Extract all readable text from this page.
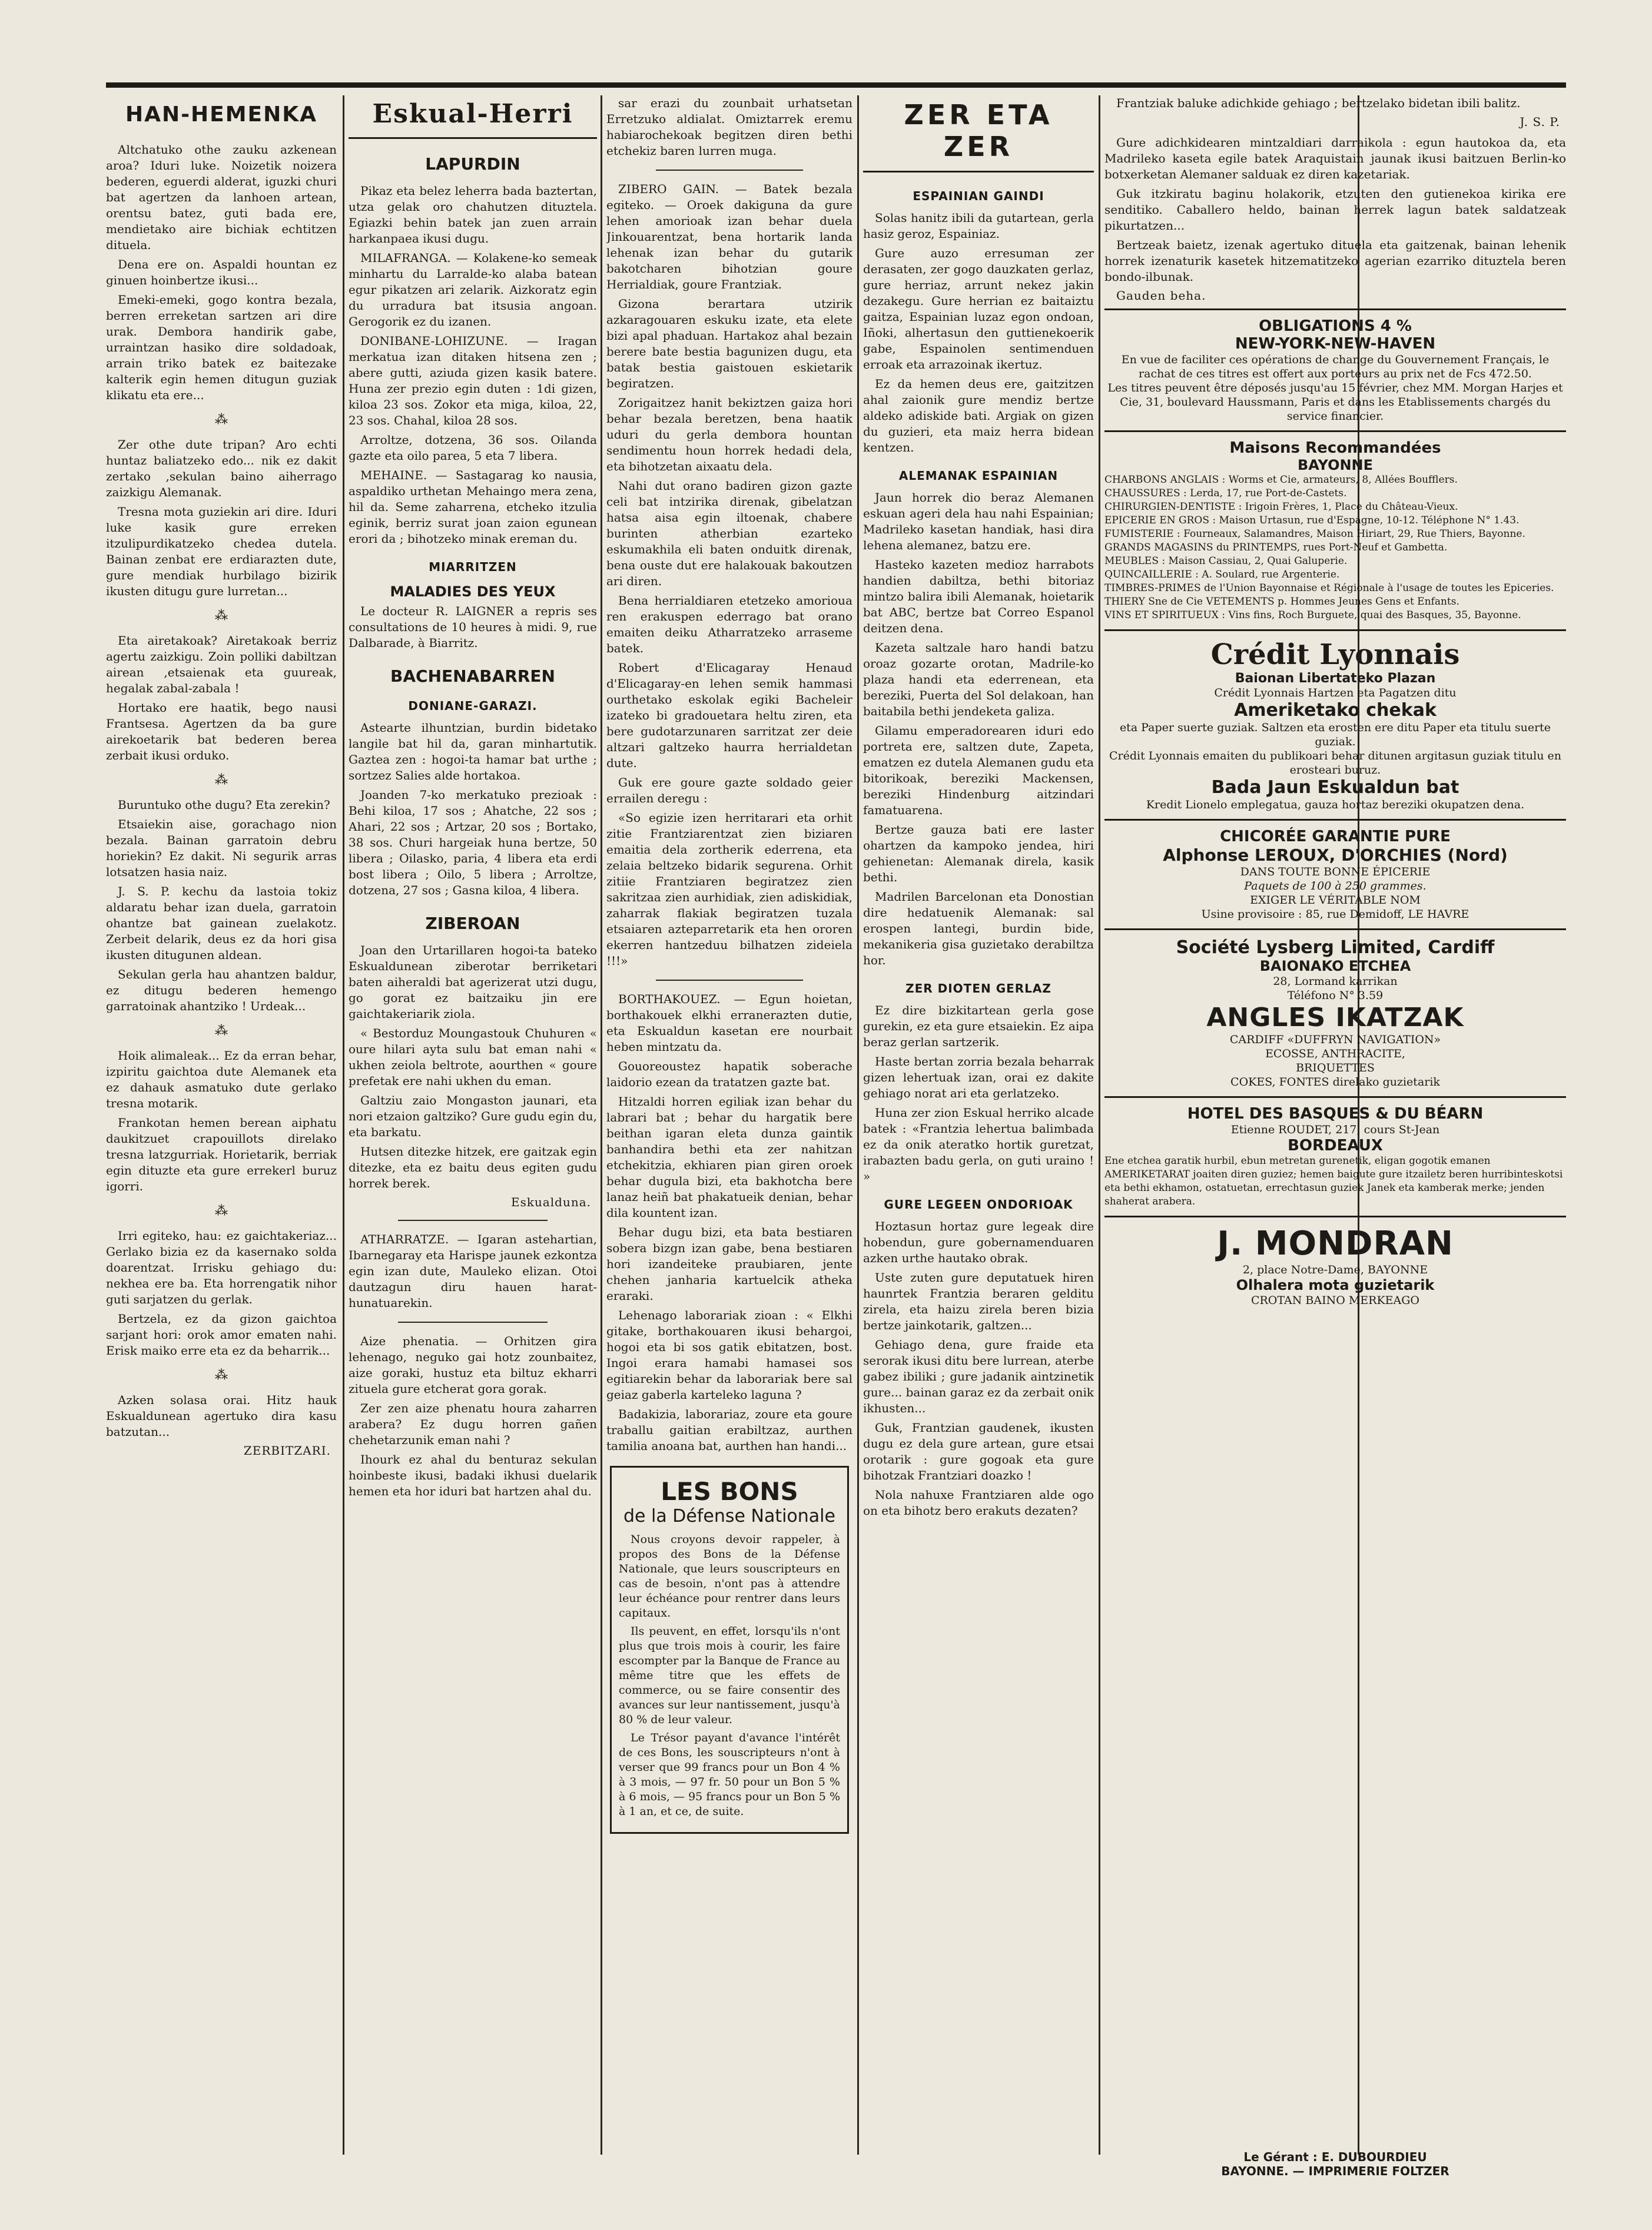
HAN-HEMENKA

Altchatuko othe zauku azkenean aroa? Iduri luke. Noizetik noizera bederen, eguerdi alderat, iguzki churi bat agertzen da lanhoen artean, orentsu batez, guti bada ere, mendietako aire bichiak echtitzen dituela.

Dena ere on. Aspaldi hountan ez ginuen hoinbertze ikusi...

Emeki-emeki, gogo kontra bezala, berren erreketan sartzen ari dire urak. Dembora handirik gabe, urraintzan hasiko dire soldadoak, arrain triko batek ez baitezake kalterik egin hemen ditugun guziak klikatu eta ere...

⁂

Zer othe dute tripan? Aro echti huntaz baliatzeko edo... nik ez dakit zertako ,sekulan baino aiherrago zaizkigu Alemanak.

Tresna mota guziekin ari dire. Iduri luke kasik gure erreken itzulipurdikatzeko chedea dutela. Bainan zenbat ere erdiarazten dute, gure mendiak hurbilago bizirik ikusten ditugu gure lurretan...

⁂

Eta airetakoak? Airetakoak berriz agertu zaizkigu. Zoin polliki dabiltzan airean ,etsaienak eta guureak, hegalak zabal-zabala !

Hortako ere haatik, bego nausi Frantsesa. Agertzen da ba gure airekoetarik bat bederen berea zerbait ikusi orduko.

⁂

Buruntuko othe dugu? Eta zerekin?

Etsaiekin aise, gorachago nion bezala. Bainan garratoin debru horiekin? Ez dakit. Ni segurik arras lotsatzen hasia naiz.

J. S. P. kechu da lastoia tokiz aldaratu behar izan duela, garratoin ohantze bat gainean zuelakotz. Zerbeit delarik, deus ez da hori gisa ikusten ditugunen aldean.

Sekulan gerla hau ahantzen baldur, ez ditugu bederen hemengo garratoinak ahantziko ! Urdeak...

⁂

Hoik alimaleak... Ez da erran behar, izpiritu gaichtoa dute Alemanek eta ez dahauk asmatuko dute gerlako tresna motarik.

Frankotan hemen berean aiphatu daukitzuet crapouillots direlako tresna latzgurriak. Horietarik, berriak egin dituzte eta gure errekerl buruz igorri.

⁂

Irri egiteko, hau: ez gaichtakeriaz... Gerlako bizia ez da kasernako solda doarentzat. Irrisku gehiago du: nekhea ere ba. Eta horrengatik nihor guti sarjatzen du gerlak.

Bertzela, ez da gizon gaichtoa sarjant hori: orok amor ematen nahi. Erisk maiko erre eta ez da beharrik...

⁂

Azken solasa orai. Hitz hauk Eskualdunean agertuko dira kasu batzutan...

ZERBITZARI.
Eskual-Herri
LAPURDIN

Pikaz eta belez leherra bada baztertan, utza gelak oro chahutzen dituztela. Egiazki behin batek jan zuen arrain harkanpaea ikusi dugu.

MILAFRANGA. — Kolakene-ko semeak minhartu du Larralde-ko alaba batean egur pikatzen ari zelarik. Aizkoratz egin du urradura bat itsusia angoan. Gerogorik ez du izanen.

DONIBANE-LOHIZUNE. — Iragan merkatua izan ditaken hitsena zen ; abere gutti, aziuda gizen kasik batere. Huna zer prezio egin duten : 1di gizen, kiloa 23 sos. Zokor eta miga, kiloa, 22, 23 sos. Chahal, kiloa 28 sos.

Arroltze, dotzena, 36 sos. Oilanda gazte eta oilo parea, 5 eta 7 libera.

MEHAINE. — Sastagarag ko nausia, aspaldiko urthetan Mehaingo mera zena, hil da. Seme zaharrena, etcheko itzulia eginik, berriz surat joan zaion egunean erori da ; bihotzeko minak ereman du.

MIARRITZEN
MALADIES DES YEUX

Le docteur R. LAIGNER a repris ses consultations de 10 heures à midi. 9, rue Dalbarade, à Biarritz.

BACHENABARREN
DONIANE-GARAZI.

Astearte ilhuntzian, burdin bidetako langile bat hil da, garan minhartutik. Gaztea zen : hogoi-ta hamar bat urthe ; sortzez Salies alde hortakoa.

Joanden 7-ko merkatuko prezioak : Behi kiloa, 17 sos ; Ahatche, 22 sos ; Ahari, 22 sos ; Artzar, 20 sos ; Bortako, 38 sos. Churi hargeiak huna bertze, 50 libera ; Oilasko, paria, 4 libera eta erdi bost libera ; Oilo, 5 libera ; Arroltze, dotzena, 27 sos ; Gasna kiloa, 4 libera.

ZIBEROAN

Joan den Urtarillaren hogoi-ta bateko Eskualdunean ziberotar berriketari baten aiheraldi bat agerizerat utzi dugu, go gorat ez baitzaiku jin ere gaichtakeriarik ziola.

« Bestorduz Moungastouk Chuhuren « oure hilari ayta sulu bat eman nahi « ukhen zeiola beltrote, aourthen « goure prefetak ere nahi ukhen du eman.

Galtziu zaio Mongaston jaunari, eta nori etzaion galtziko? Gure gudu egin du, eta barkatu.

Hutsen ditezke hitzek, ere gaitzak egin ditezke, eta ez baitu deus egiten gudu horrek berek.

Eskualduna.

ATHARRATZE. — Igaran astehartian, Ibarnegaray eta Harispe jaunek ezkontza egin izan dute, Mauleko elizan. Otoi dautzagun diru hauen harat-hunatuarekin.

Aize phenatia. — Orhitzen gira lehenago, neguko gai hotz zounbaitez, aize goraki, hustuz eta biltuz ekharri zituela gure etcherat gora gorak.

Zer zen aize phenatu houra zaharren arabera? Ez dugu horren gañen chehetarzunik eman nahi ?

Ihourk ez ahal du benturaz sekulan hoinbeste ikusi, badaki ikhusi duelarik hemen eta hor iduri bat hartzen ahal du.

sar erazi du zounbait urhatsetan Erretzuko aldialat. Omiztarrek eremu habiarochekoak begitzen diren bethi etchekiz baren lurren muga.

ZIBERO GAIN. — Batek bezala egiteko. — Oroek dakiguna da gure lehen amorioak izan behar duela Jinkouarentzat, bena hortarik landa lehenak izan behar du gutarik bakotcharen bihotzian goure Herrialdiak, goure Frantziak.

Gizona berartara utzirik azkaragouaren eskuku izate, eta elete bizi apal phaduan. Hartakoz ahal bezain berere bate bestia bagunizen dugu, eta batak bestia gaistouen eskietarik begiratzen.

Zorigaitzez hanit bekiztzen gaiza hori behar bezala beretzen, bena haatik uduri du gerla dembora hountan sendimentu houn horrek hedadi dela, eta bihotzetan aixaatu dela.

Nahi dut orano badiren gizon gazte celi bat intzirika direnak, gibelatzan hatsa aisa egin iltoenak, chabere burinten atherbian ezarteko eskumakhila eli baten onduitk direnak, bena ouste dut ere halakouak bakoutzen ari diren.

Bena herrialdiaren etetzeko amorioua ren erakuspen ederrago bat orano emaiten deiku Atharratzeko arraseme batek.

Robert d'Elicagaray Henaud d'Elicagaray-en lehen semik hammasi ourthetako eskolak egiki Bacheleir izateko bi gradouetara heltu ziren, eta bere gudotarzunaren sarritzat zer deie altzari galtzeko haurra herrialdetan dute.

Guk ere goure gazte soldado geier errailen deregu :

«So egizie izen herritarari eta orhit zitie Frantziarentzat zien biziaren emaitia dela zortherik ederrena, eta zelaia beltzeko bidarik segurena. Orhit zitiie Frantziaren begiratzez zien sakritzaa zien aurhidiak, zien adiskidiak, zaharrak flakiak begiratzen tuzala etsaiaren azteparretarik eta hen ororen ekerren hantzeduu bilhatzen zideiela !!!»

BORTHAKOUEZ. — Egun hoietan, borthakouek elkhi erranerazten dutie, eta Eskualdun kasetan ere nourbait heben mintzatu da.

Gouoreoustez hapatik soberache laidorio ezean da tratatzen gazte bat.

Hitzaldi horren egiliak izan behar du labrari bat ; behar du hargatik bere beithan igaran eleta dunza gaintik banhandira bethi eta zer nahitzan etchekitzia, ekhiaren pian giren oroek behar dugula bizi, eta bakhotcha bere lanaz heiñ bat phakatueik denian, behar dila kountent izan.

Behar dugu bizi, eta bata bestiaren sobera bizgn izan gabe, bena bestiaren hori izandeiteke praubiaren, jente chehen janharia kartuelcik atheka eraraki.

Lehenago laborariak zioan : « Elkhi gitake, borthakouaren ikusi behargoi, hogoi eta bi sos gatik ebitatzen, bost. Ingoi erara hamabi hamasei sos egitiarekin behar da laborariak bere sal geiaz gaberla karteleko laguna ?

Badakizia, laborariaz, zoure eta goure traballu gaitian erabiltzaz, aurthen tamilia anoana bat, aurthen han handi...

LES BONS
de la Défense Nationale

Nous croyons devoir rappeler, à propos des Bons de la Défense Nationale, que leurs souscripteurs en cas de besoin, n'ont pas à attendre leur échéance pour rentrer dans leurs capitaux.

Ils peuvent, en effet, lorsqu'ils n'ont plus que trois mois à courir, les faire escompter par la Banque de France au même titre que les effets de commerce, ou se faire consentir des avances sur leur nantissement, jusqu'à 80 % de leur valeur.

Le Trésor payant d'avance l'intérêt de ces Bons, les souscripteurs n'ont à verser que 99 francs pour un Bon 4 % à 3 mois, — 97 fr. 50 pour un Bon 5 % à 6 mois, — 95 francs pour un Bon 5 % à 1 an, et ce, de suite.

ZER ETA ZER
ESPAINIAN GAINDI

Solas hanitz ibili da gutartean, gerla hasiz geroz, Espainiaz.

Gure auzo erresuman zer derasaten, zer gogo dauzkaten gerlaz, gure herriaz, arrunt nekez jakin dezakegu. Gure herrian ez baitaiztu gaitza, Espainian luzaz egon ondoan, Iñoki, alhertasun den guttienekoerik gabe, Espainolen sentimenduen erroak eta arrazoinak ikertuz.

Ez da hemen deus ere, gaitzitzen ahal zaionik gure mendiz bertze aldeko adiskide bati. Argiak on gizen du guzieri, eta maiz herra bidean kentzen.

ALEMANAK ESPAINIAN

Jaun horrek dio beraz Alemanen eskuan ageri dela hau nahi Espainian; Madrileko kasetan handiak, hasi dira lehena alemanez, batzu ere.

Hasteko kazeten medioz harrabots handien dabiltza, bethi bitoriaz mintzo balira ibili Alemanak, hoietarik bat ABC, bertze bat Correo Espanol deitzen dena.

Kazeta saltzale haro handi batzu oroaz gozarte orotan, Madrile-ko plaza handi eta ederrenean, eta bereziki, Puerta del Sol delakoan, han baitabila bethi jendeketa galiza.

Gilamu emperadorearen iduri edo portreta ere, saltzen dute, Zapeta, ematzen ez dutela Alemanen gudu eta bitorikoak, bereziki Mackensen, bereziki Hindenburg aitzindari famatuarena.

Bertze gauza bati ere laster ohartzen da kampoko jendea, hiri gehienetan: Alemanak direla, kasik bethi.

Madrilen Barcelonan eta Donostian dire hedatuenik Alemanak: sal erospen lantegi, burdin bide, mekanikeria gisa guzietako derabiltza hor.

ZER DIOTEN GERLAZ

Ez dire bizkitartean gerla gose gurekin, ez eta gure etsaiekin. Ez aipa beraz gerlan sartzerik.

Haste bertan zorria bezala beharrak gizen lehertuak izan, orai ez dakite gehiago norat ari eta gerlatzeko.

Huna zer zion Eskual herriko alcade batek : «Frantzia lehertua balimbada ez da onik ateratko hortik guretzat, irabazten badu gerla, on guti uraino ! »

GURE LEGEEN ONDORIOAK

Hoztasun hortaz gure legeak dire hobendun, gure gobernamenduaren azken urthe hautako obrak.

Uste zuten gure deputatuek hiren haunrtek Frantzia beraren gelditu zirela, eta haizu zirela beren bizia bertze jainkotarik, galtzen...

Gehiago dena, gure fraide eta serorak ikusi ditu bere lurrean, aterbe gabez ibiliki ; gure jadanik aintzinetik gure... bainan garaz ez da zerbait onik ikhusten...

Guk, Frantzian gaudenek, ikusten dugu ez dela gure artean, gure etsai orotarik : gure gogoak eta gure bihotzak Frantziari doazko !

Nola nahuxe Frantziaren alde ogo on eta bihotz bero erakuts dezaten?

Frantziak baluke adichkide gehiago ; bertzelako bidetan ibili balitz.

J. S. P.

Gure adichkidearen mintzaldiari darraikola : egun hautokoa da, eta Madrileko kaseta egile batek Araquistain jaunak ikusi baitzuen Berlin-ko botxerketan Alemaner salduak ez diren kazetariak.

Guk itzkiratu baginu holakorik, etzuten den gutienekoa kirika ere senditiko. Caballero heldo, bainan herrek lagun batek saldatzeak pikurtatzen...

Bertzeak baietz, izenak agertuko dituela eta gaitzenak, bainan lehenik horrek izenaturik kasetek hitzematitzeko agerian ezarriko dituztela beren bondo-ilbunak.

Gauden beha.
OBLIGATIONS 4 %
NEW-YORK-NEW-HAVEN
En vue de faciliter ces opérations de change du Gouvernement Français, le rachat de ces titres est offert aux porteurs au prix net de Fcs 472.50.
Les titres peuvent être déposés jusqu'au 15 février, chez MM. Morgan Harjes et Cie, 31, boulevard Haussmann, Paris et dans les Etablissements chargés du service financier.
Maisons Recommandées
BAYONNE
CHARBONS ANGLAIS : Worms et Cie, armateurs, 8, Allées Boufflers.
CHAUSSURES : Lerda, 17, rue Port-de-Castets.
CHIRURGIEN-DENTISTE : Irigoin Frères, 1, Place du Château-Vieux.
EPICERIE EN GROS : Maison Urtasun, rue d'Espagne, 10-12. Téléphone N° 1.43.
FUMISTERIE : Fourneaux, Salamandres, Maison Hiriart, 29, Rue Thiers, Bayonne.
GRANDS MAGASINS du PRINTEMPS, rues Port-Neuf et Gambetta.
MEUBLES : Maison Cassiau, 2, Quai Galuperie.
QUINCAILLERIE : A. Soulard, rue Argenterie.
TIMBRES-PRIMES de l'Union Bayonnaise et Régionale à l'usage de toutes les Epiceries.
THIERY Sne de Cie VETEMENTS p. Hommes Jeunes Gens et Enfants.
VINS ET SPIRITUEUX : Vins fins, Roch Burguete, quai des Basques, 35, Bayonne.
Crédit Lyonnais
Baionan Libertateko Plazan
Crédit Lyonnais Hartzen eta Pagatzen ditu
Ameriketako chekak
eta Paper suerte guziak. Saltzen eta erosten ere ditu Paper eta titulu suerte guziak.
Crédit Lyonnais emaiten du publikoari behar ditunen argitasun guziak titulu en erosteari buruz.
Bada Jaun Eskualdun bat
Kredit Lionelo emplegatua, gauza hortaz bereziki okupatzen dena.
CHICORÉE GARANTIE PURE
Alphonse LEROUX, D'ORCHIES (Nord)
DANS TOUTE BONNE ÉPICERIE
Paquets de 100 à 250 grammes.
EXIGER LE VÉRITABLE NOM
Usine provisoire : 85, rue Demidoff, LE HAVRE
Société Lysberg Limited, Cardiff
BAIONAKO ETCHEA
28, Lormand karrikan
Téléfono N° 3.59
ANGLES IKATZAK
CARDIFF «DUFFRYN NAVIGATION»
ECOSSE, ANTHRACITE,
BRIQUETTES
COKES, FONTES direlako guzietarik
HOTEL DES BASQUES & DU BÉARN
Etienne ROUDET, 217, cours St-Jean
BORDEAUX
Ene etchea garatik hurbil, ebun metretan gurenetik, eligan gogotik emanen AMERIKETARAT joaiten diren guziez; hemen baigute gure itzailetz beren hurribinteskotsi eta bethi ekhamon, ostatuetan, errechtasun guziek Janek eta kamberak merke; jenden shaherat arabera.
J. MONDRAN
2, place Notre-Dame, BAYONNE
Olhalera mota guzietarik
CROTAN BAINO MERKEAGO
Le Gérant : E. DUBOURDIEU
BAYONNE. — IMPRIMERIE FOLTZER
